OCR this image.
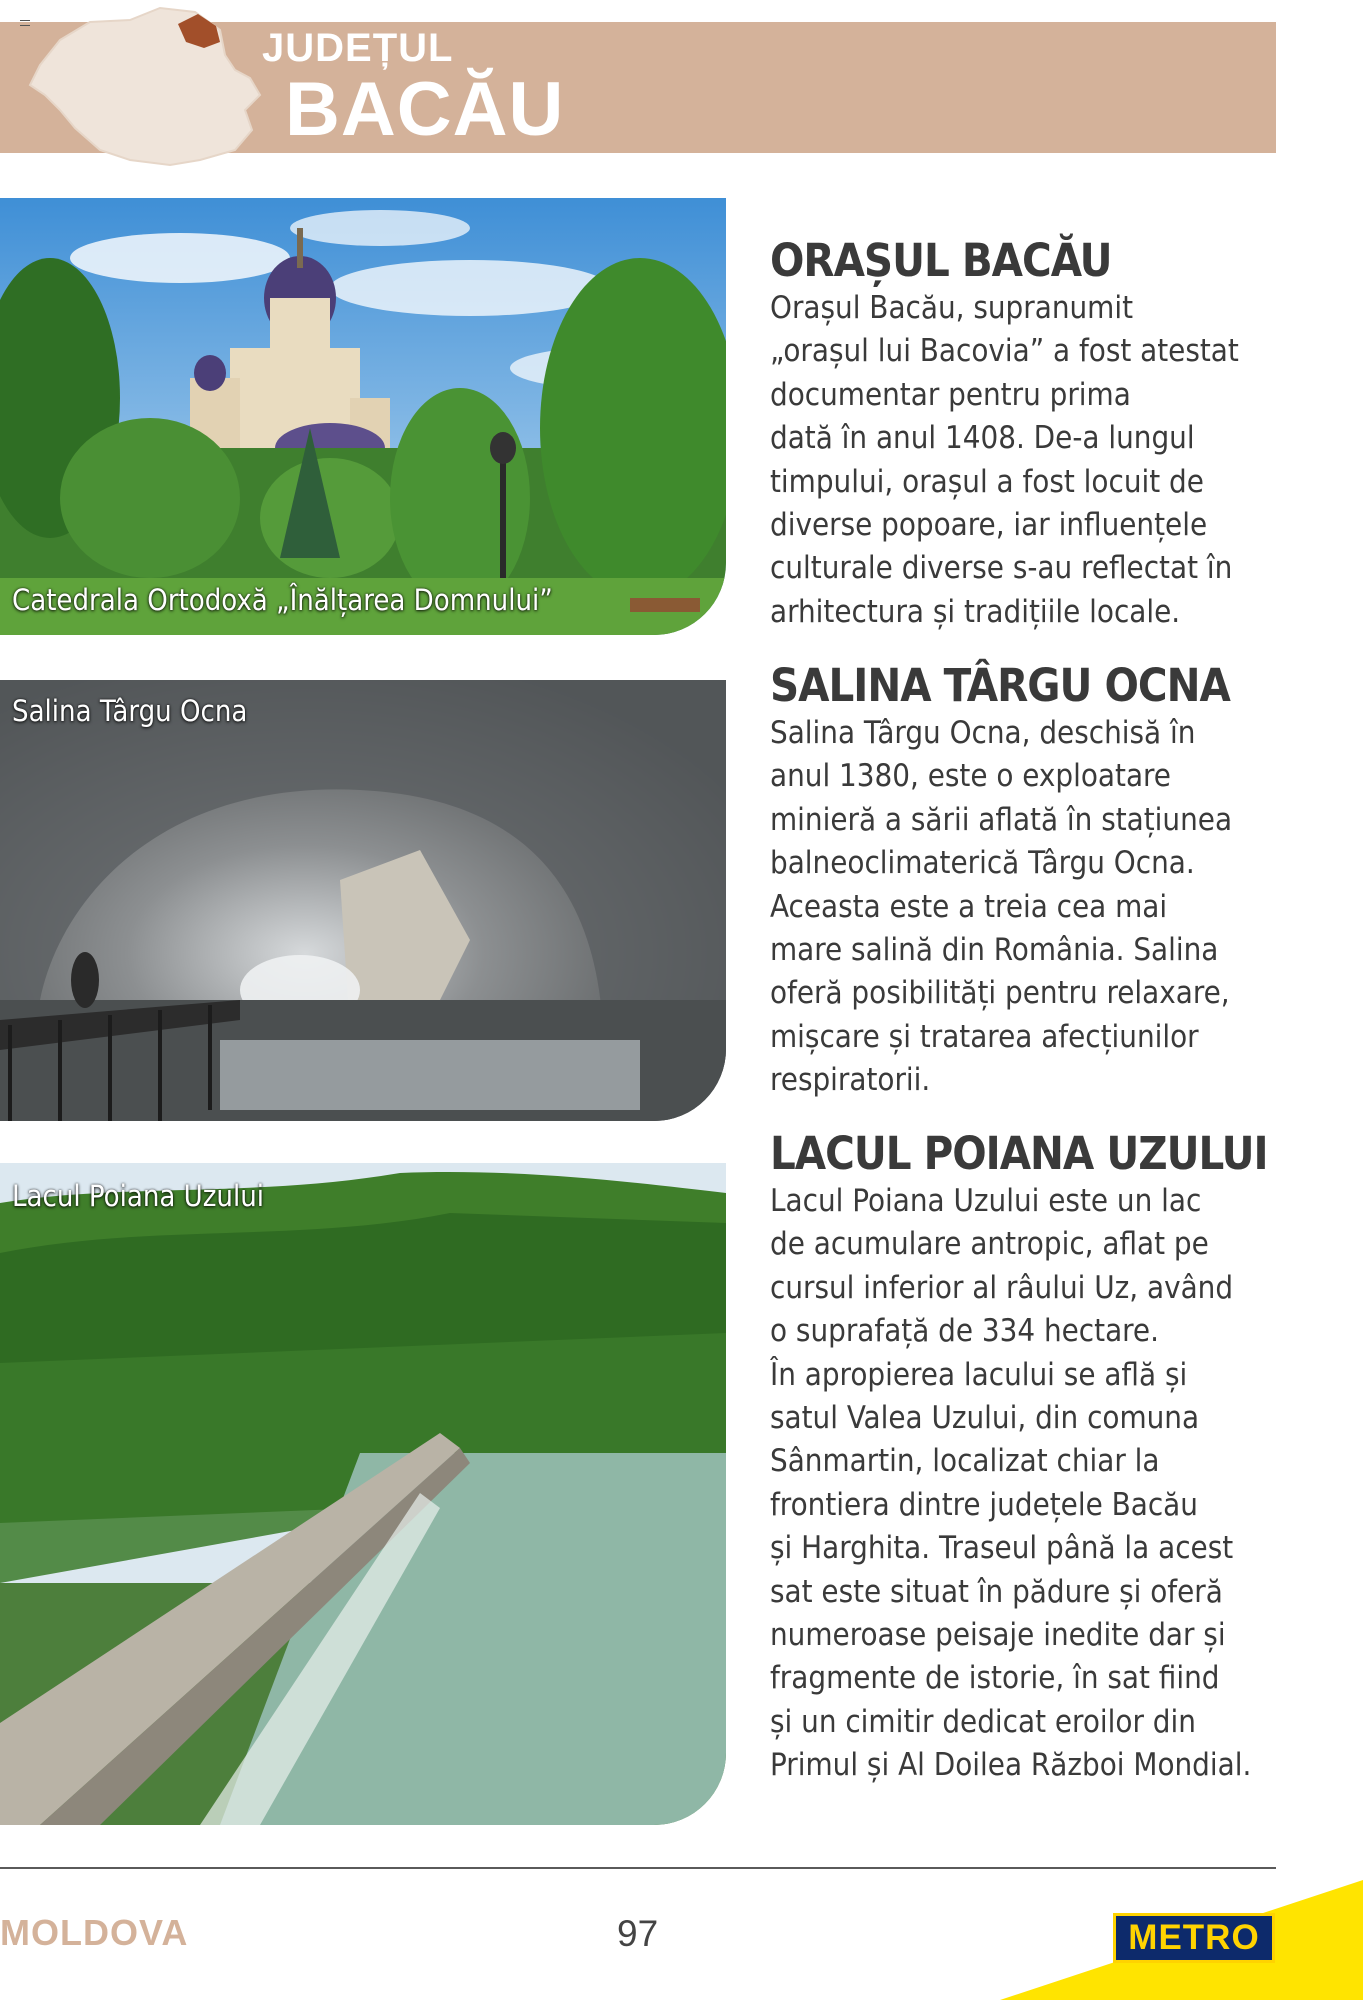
JUDEȚUL
BACĂU
Catedrala Ortodoxă „Înălțarea Domnului”
Salina Târgu Ocna
Lacul Poiana Uzului
ORAȘUL BACĂU
Orașul Bacău, supranumit
„orașul lui Bacovia” a fost atestat
documentar pentru prima
dată în anul 1408. De-a lungul
timpului, orașul a fost locuit de
diverse popoare, iar influențele
culturale diverse s-au reflectat în
arhitectura și tradițiile locale.
SALINA TÂRGU OCNA
Salina Târgu Ocna, deschisă în
anul 1380, este o exploatare
minieră a sării aflată în stațiunea
balneoclimaterică Târgu Ocna.
Aceasta este a treia cea mai
mare salină din România. Salina
oferă posibilități pentru relaxare,
mișcare și tratarea afecțiunilor
respiratorii.
LACUL POIANA UZULUI
Lacul Poiana Uzului este un lac
de acumulare antropic, aflat pe
cursul inferior al râului Uz, având
o suprafață de 334 hectare.
În apropierea lacului se află și
satul Valea Uzului, din comuna
Sânmartin, localizat chiar la
frontiera dintre județele Bacău
și Harghita. Traseul până la acest
sat este situat în pădure și oferă
numeroase peisaje inedite dar și
fragmente de istorie, în sat fiind
și un cimitir dedicat eroilor din
Primul și Al Doilea Război Mondial.
MOLDOVA	97	METRO
